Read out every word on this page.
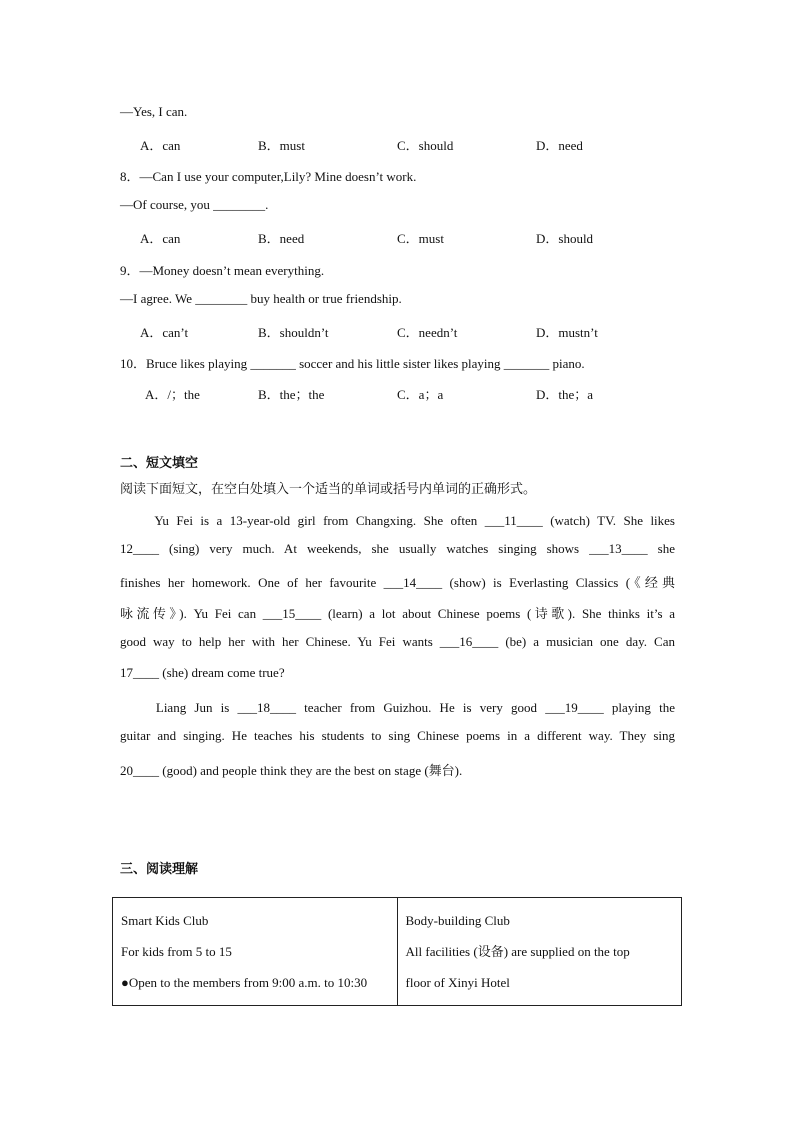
—Yes, I can.
A．can	B．must	C．should	D．need
8．—Can I use your computer,Lily? Mine doesn’t work.
—Of course, you ________.
A．can	B．need	C．must	D．should
9．—Money doesn’t mean everything.
—I agree. We ________ buy health or true friendship.
A．can’t	B．shouldn’t	C．needn’t	D．mustn’t
10．Bruce likes playing _______ soccer and his little sister likes playing _______ piano.
A．/；the	B．the；the	C．a；a	D．the；a
二、短文填空
阅读下面短文，在空白处填入一个适当的单词或括号内单词的正确形式。
　　Yu Fei is a 13-year-old girl from Changxing. She often ___11____ (watch) TV. She likes
12____ (sing) very much. At weekends, she usually watches singing shows ___13____ she
finishes her homework. One of her favourite ___14____ (show) is Everlasting Classics (《经典
咏流传》). Yu Fei can ___15____ (learn) a lot about Chinese poems (诗歌). She thinks it’s a
good way to help her with her Chinese. Yu Fei wants ___16____ (be) a musician one day. Can
17____ (she) dream come true?
　　Liang Jun is ___18____ teacher from Guizhou. He is very good ___19____ playing the
guitar and singing. He teaches his students to sing Chinese poems in a different way. They sing
20____ (good) and people think they are the best on stage (舞台).
三、阅读理解
Smart Kids Club
For kids from 5 to 15
●Open to the members from 9:00 a.m. to 10:30

Body-building Club
All facilities (设备) are supplied on the top
floor of Xinyi Hotel
